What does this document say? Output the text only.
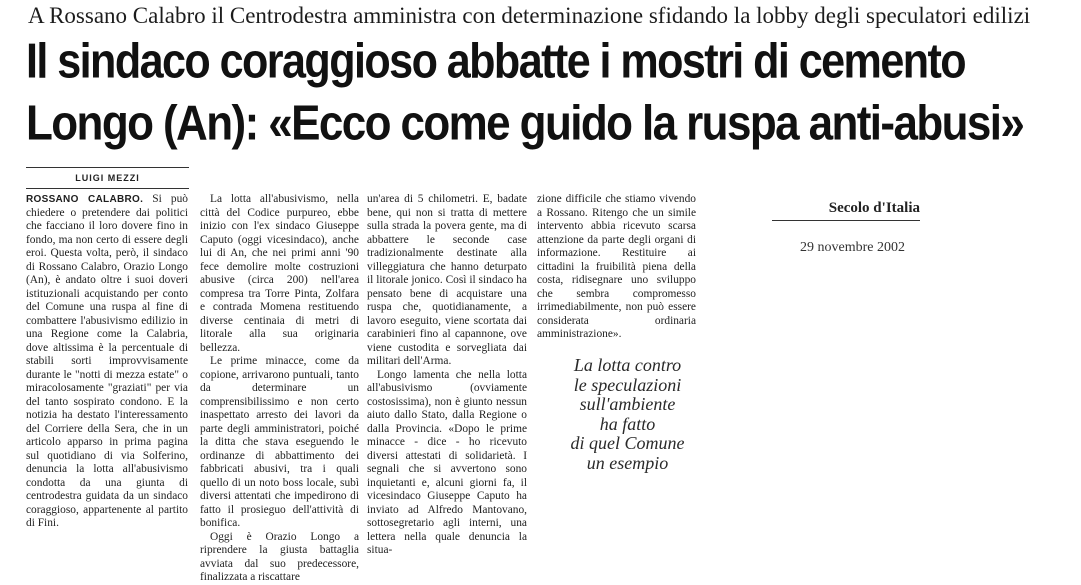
A Rossano Calabro il Centrodestra amministra con determinazione sfidando la lobby degli speculatori edilizi
Il sindaco coraggioso abbatte i mostri di cemento
Longo (An): «Ecco come guido la ruspa anti-abusi»
LUIGI MEZZI

ROSSANO CALABRO. Si può chiedere o pretendere dai politici che facciano il loro dovere fino in fondo, ma non certo di essere degli eroi. Questa volta, però, il sindaco di Rossano Calabro, Orazio Longo (An), è andato oltre i suoi doveri istituzionali acquistando per conto del Comune una ruspa al fine di combattere l'abusivismo edilizio in una Regione come la Calabria, dove altissima è la percentuale di stabili sorti improvvisamente durante le "notti di mezza estate" o miracolosamente "graziati" per via del tanto sospirato condono. E la notizia ha destato l'interessamento del Corriere della Sera, che in un articolo apparso in prima pagina sul quotidiano di via Solferino, denuncia la lotta all'abusivismo condotta da una giunta di centrodestra guidata da un sindaco coraggioso, appartenente al partito di Fini.

La lotta all'abusivismo, nella città del Codice purpureo, ebbe inizio con l'ex sindaco Giuseppe Caputo (oggi vicesindaco), anche lui di An, che nei primi anni '90 fece demolire molte costruzioni abusive (circa 200) nell'area compresa tra Torre Pinta, Zolfara e contrada Momena restituendo diverse centinaia di metri di litorale alla sua originaria bellezza.

Le prime minacce, come da copione, arrivarono puntuali, tanto da determinare un comprensibilissimo e non certo inaspettato arresto dei lavori da parte degli amministratori, poiché la ditta che stava eseguendo le ordinanze di abbattimento dei fabbricati abusivi, tra i quali quello di un noto boss locale, subì diversi attentati che impedirono di fatto il prosieguo dell'attività di bonifica.

Oggi è Orazio Longo a riprendere la giusta battaglia avviata dal suo predecessore, finalizzata a riscattare

un'area di 5 chilometri. E, badate bene, qui non si tratta di mettere sulla strada la povera gente, ma di abbattere le seconde case tradizionalmente destinate alla villeggiatura che hanno deturpato il litorale jonico. Così il sindaco ha pensato bene di acquistare una ruspa che, quotidianamente, a lavoro eseguito, viene scortata dai carabinieri fino al capannone, ove viene custodita e sorvegliata dai militari dell'Arma.

Longo lamenta che nella lotta all'abusivismo (ovviamente costosissima), non è giunto nessun aiuto dallo Stato, dalla Regione o dalla Provincia. «Dopo le prime minacce - dice - ho ricevuto diversi attestati di solidarietà. I segnali che si avvertono sono inquietanti e, alcuni giorni fa, il vicesindaco Giuseppe Caputo ha inviato ad Alfredo Mantovano, sottosegretario agli interni, una lettera nella quale denuncia la situa-

zione difficile che stiamo vivendo a Rossano. Ritengo che un simile intervento abbia ricevuto scarsa attenzione da parte degli organi di informazione. Restituire ai cittadini la fruibilità piena della costa, ridisegnare uno sviluppo che sembra compromesso irrimediabilmente, non può essere considerata ordinaria amministrazione».

Secolo d'Italia
29 novembre 2002
La lotta contro
le speculazioni
sull'ambiente
ha fatto
di quel Comune
un esempio
